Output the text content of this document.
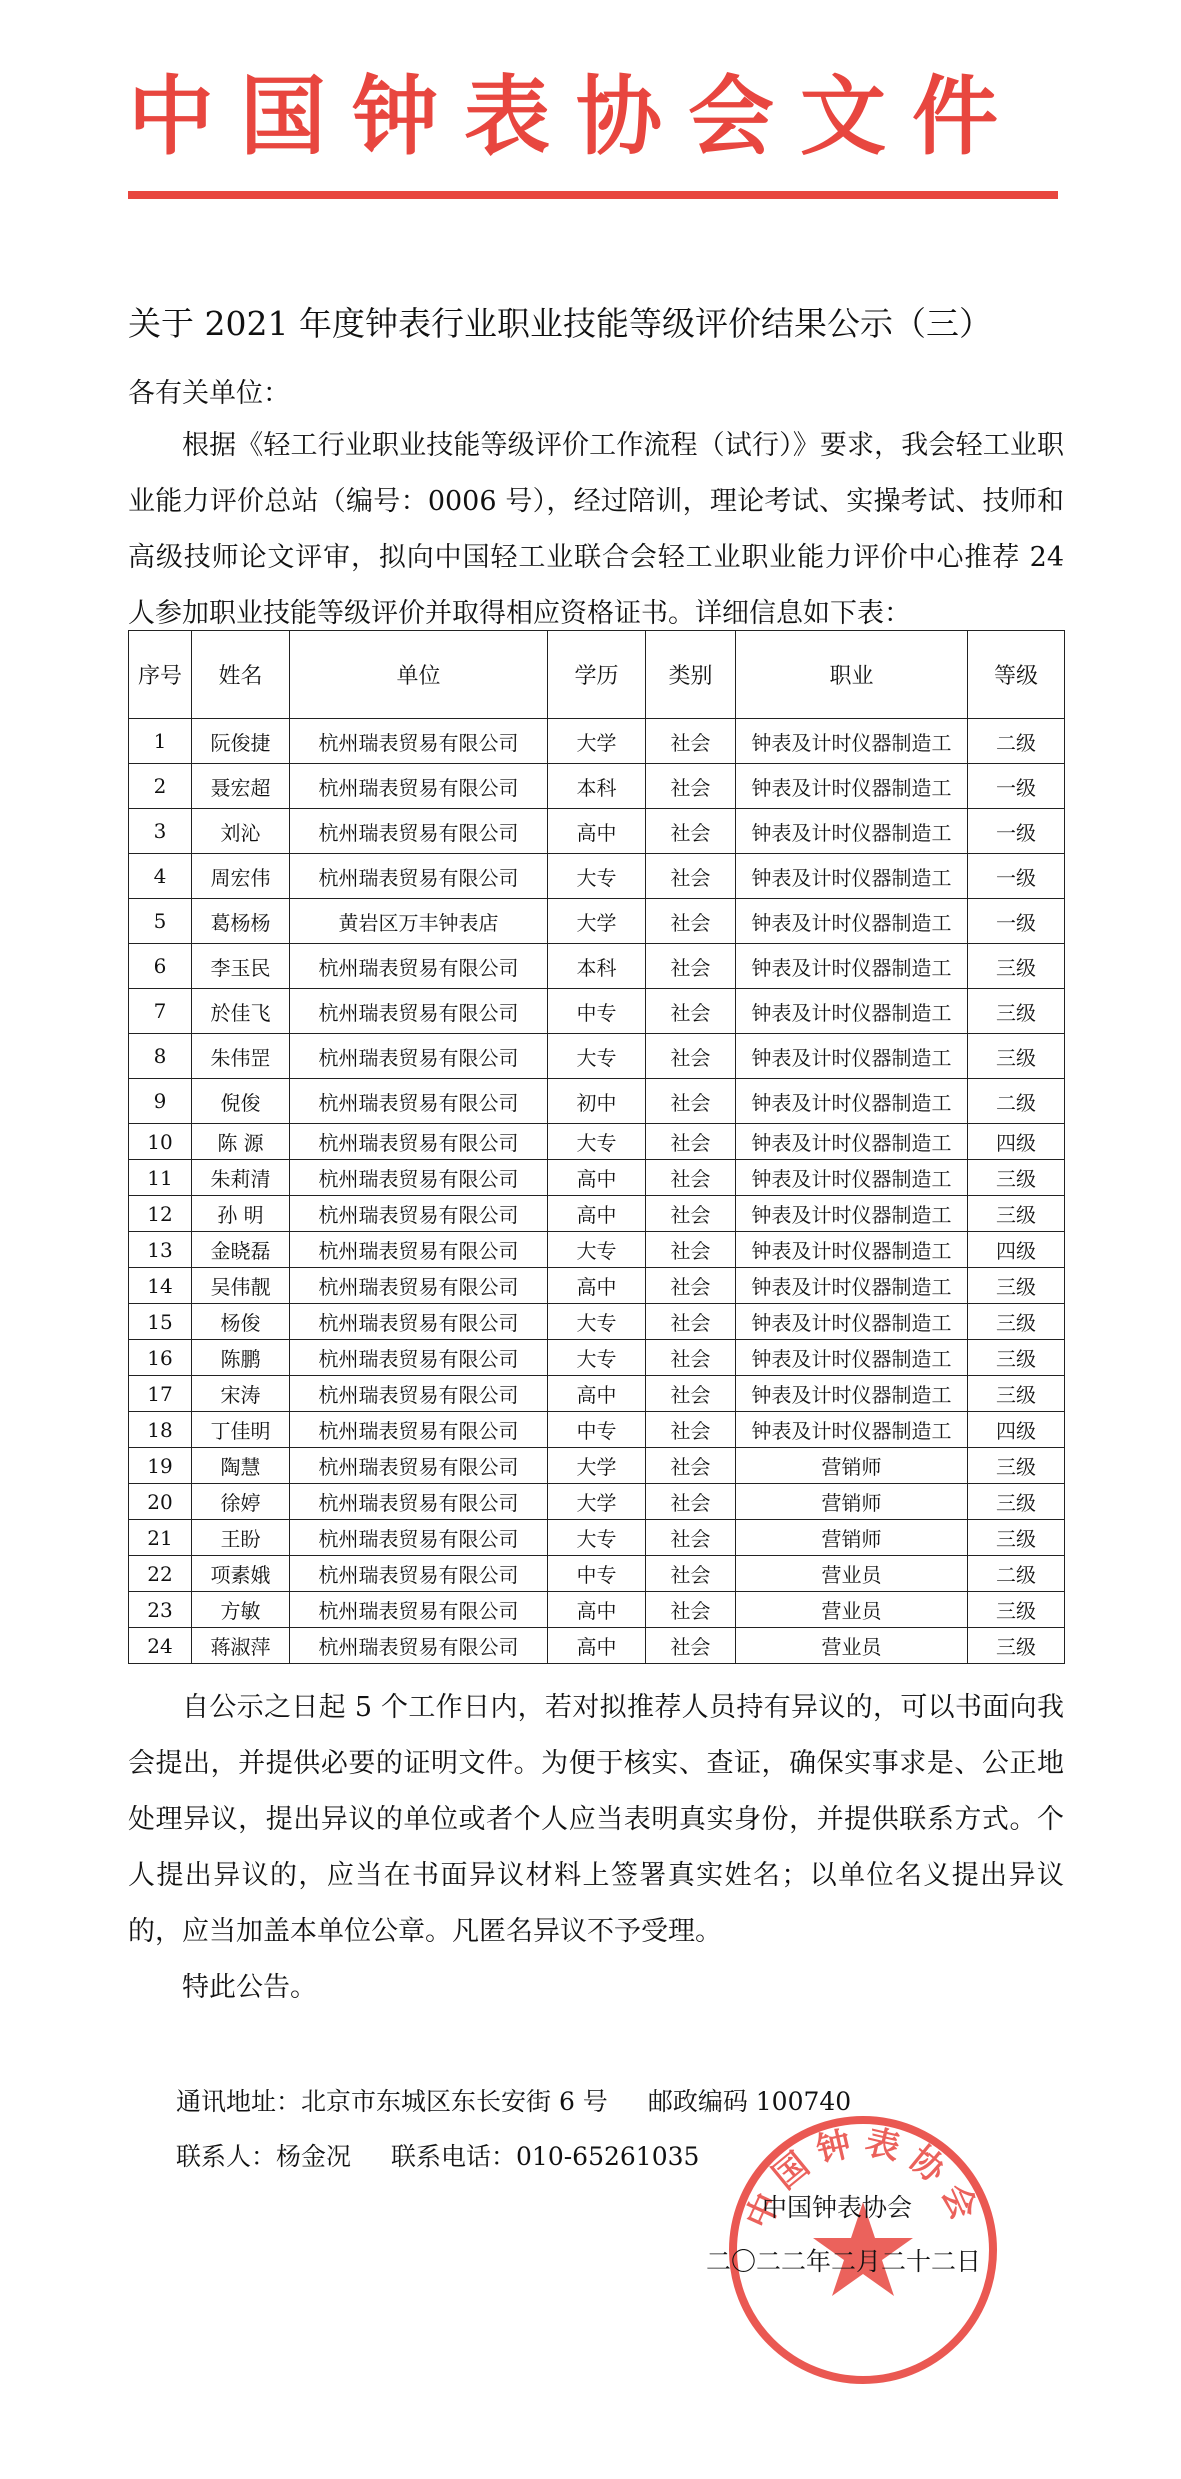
中国钟表协会文件
关于 2021 年度钟表行业职业技能等级评价结果公示（三）
各有关单位：

根据《轻工行业职业技能等级评价工作流程（试行）》要求，我会轻工业职业能力评价总站（编号：0006 号），经过陪训，理论考试、实操考试、技师和高级技师论文评审，拟向中国轻工业联合会轻工业职业能力评价中心推荐 24 人参加职业技能等级评价并取得相应资格证书。详细信息如下表：

序号	姓名	单位	学历	类别	职业	等级
1	阮俊捷	杭州瑞表贸易有限公司	大学	社会	钟表及计时仪器制造工	二级
2	聂宏超	杭州瑞表贸易有限公司	本科	社会	钟表及计时仪器制造工	一级
3	刘沁	杭州瑞表贸易有限公司	高中	社会	钟表及计时仪器制造工	一级
4	周宏伟	杭州瑞表贸易有限公司	大专	社会	钟表及计时仪器制造工	一级
5	葛杨杨	黄岩区万丰钟表店	大学	社会	钟表及计时仪器制造工	一级
6	李玉民	杭州瑞表贸易有限公司	本科	社会	钟表及计时仪器制造工	三级
7	於佳飞	杭州瑞表贸易有限公司	中专	社会	钟表及计时仪器制造工	三级
8	朱伟罡	杭州瑞表贸易有限公司	大专	社会	钟表及计时仪器制造工	三级
9	倪俊	杭州瑞表贸易有限公司	初中	社会	钟表及计时仪器制造工	二级
10	陈 源	杭州瑞表贸易有限公司	大专	社会	钟表及计时仪器制造工	四级
11	朱莉清	杭州瑞表贸易有限公司	高中	社会	钟表及计时仪器制造工	三级
12	孙 明	杭州瑞表贸易有限公司	高中	社会	钟表及计时仪器制造工	三级
13	金晓磊	杭州瑞表贸易有限公司	大专	社会	钟表及计时仪器制造工	四级
14	吴伟靓	杭州瑞表贸易有限公司	高中	社会	钟表及计时仪器制造工	三级
15	杨俊	杭州瑞表贸易有限公司	大专	社会	钟表及计时仪器制造工	三级
16	陈鹏	杭州瑞表贸易有限公司	大专	社会	钟表及计时仪器制造工	三级
17	宋涛	杭州瑞表贸易有限公司	高中	社会	钟表及计时仪器制造工	三级
18	丁佳明	杭州瑞表贸易有限公司	中专	社会	钟表及计时仪器制造工	四级
19	陶慧	杭州瑞表贸易有限公司	大学	社会	营销师	三级
20	徐婷	杭州瑞表贸易有限公司	大学	社会	营销师	三级
21	王盼	杭州瑞表贸易有限公司	大专	社会	营销师	三级
22	项素娥	杭州瑞表贸易有限公司	中专	社会	营业员	二级
23	方敏	杭州瑞表贸易有限公司	高中	社会	营业员	三级
24	蒋淑萍	杭州瑞表贸易有限公司	高中	社会	营业员	三级

自公示之日起 5 个工作日内，若对拟推荐人员持有异议的，可以书面向我会提出，并提供必要的证明文件。为便于核实、查证，确保实事求是、公正地处理异议，提出异议的单位或者个人应当表明真实身份，并提供联系方式。个人提出异议的，应当在书面异议材料上签署真实姓名；以单位名义提出异议的，应当加盖本单位公章。凡匿名异议不予受理。

特此公告。

通讯地址：北京市东城区东长安街 6 号 邮政编码 100740
联系人：杨金况 联系电话：010-65261035
中国钟表协会
中国钟表协会
二〇二二年二月二十二日
